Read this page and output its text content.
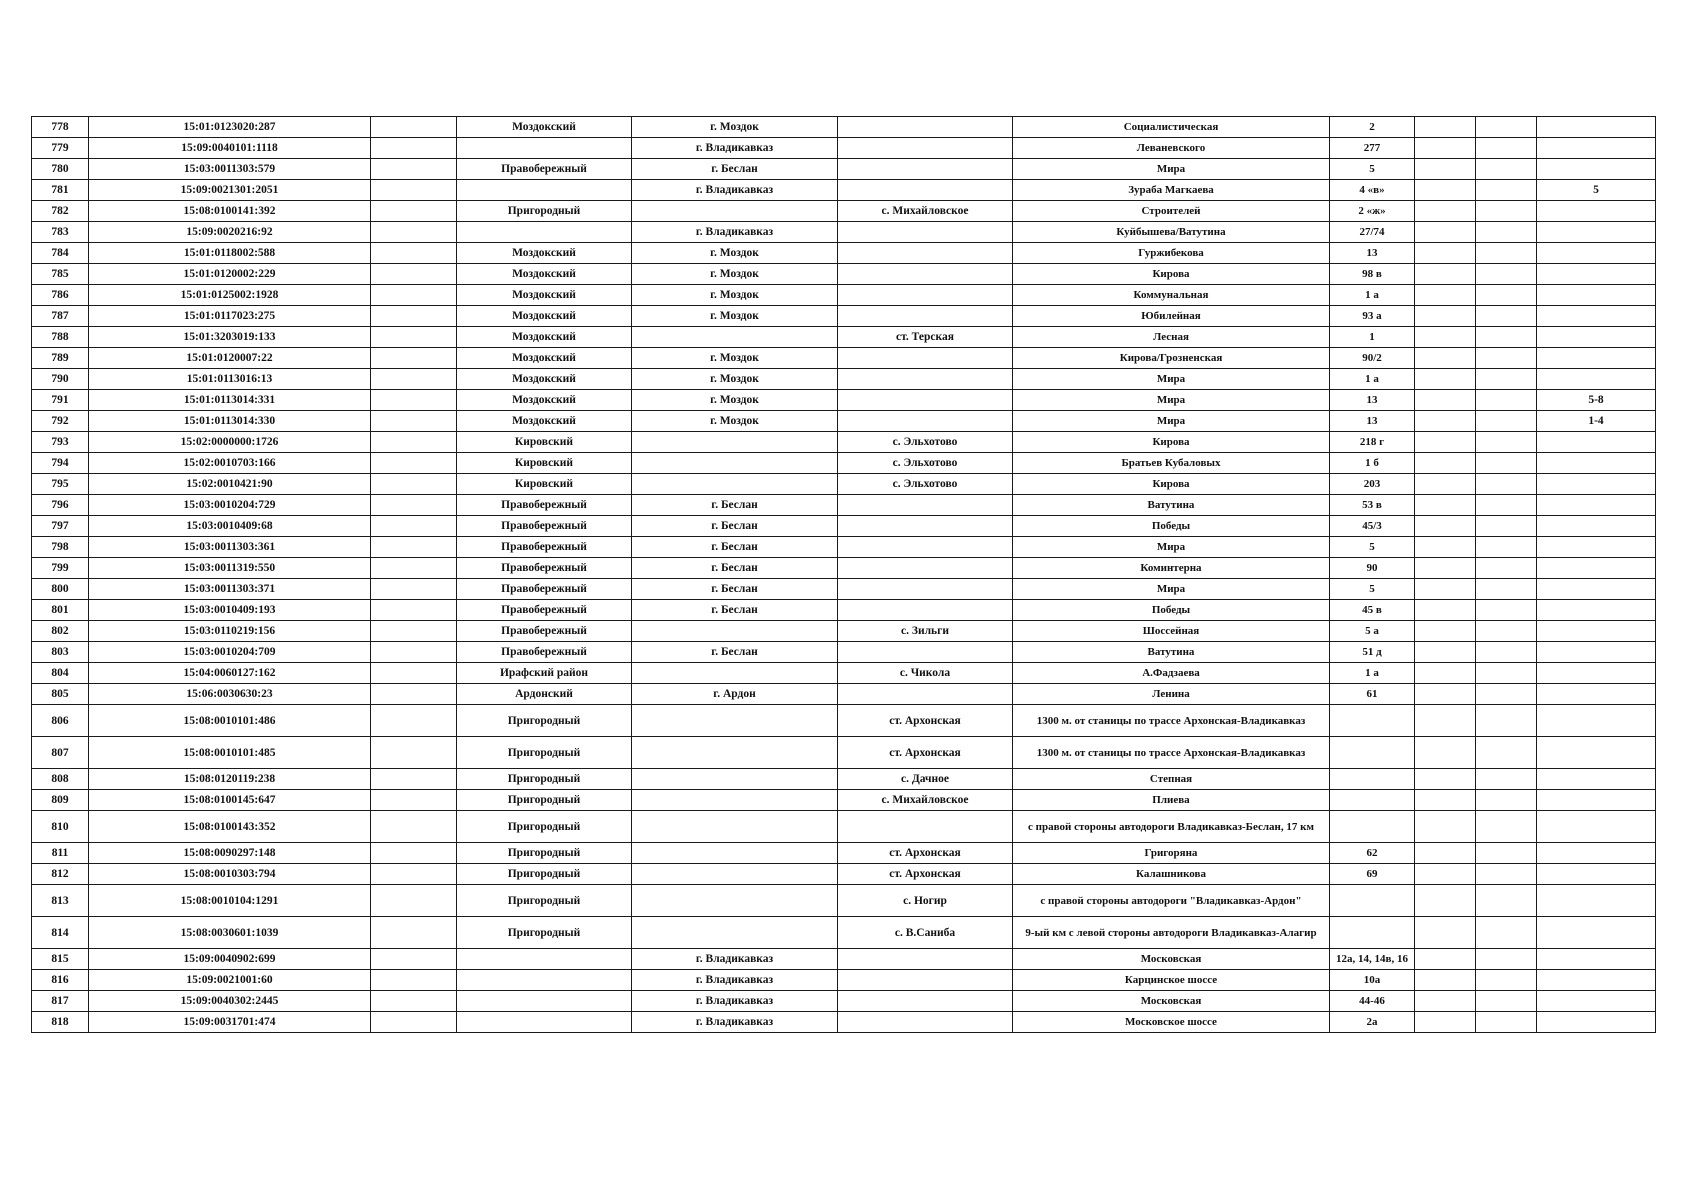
778	15:01:0123020:287		Моздокский	г. Моздок		Социалистическая	2			
779	15:09:0040101:1118			г. Владикавказ		Леваневского	277			
780	15:03:0011303:579		Правобережный	г. Беслан		Мира	5			
781	15:09:0021301:2051			г. Владикавказ		Зураба Магкаева	4 «в»			5
782	15:08:0100141:392		Пригородный		с. Михайловское	Строителей	2 «ж»			
783	15:09:0020216:92			г. Владикавказ		Куйбышева/Ватутина	27/74			
784	15:01:0118002:588		Моздокский	г. Моздок		Гуржибекова	13			
785	15:01:0120002:229		Моздокский	г. Моздок		Кирова	98 в			
786	15:01:0125002:1928		Моздокский	г. Моздок		Коммунальная	1 а			
787	15:01:0117023:275		Моздокский	г. Моздок		Юбилейная	93 а			
788	15:01:3203019:133		Моздокский		ст. Терская	Лесная	1			
789	15:01:0120007:22		Моздокский	г. Моздок		Кирова/Грозненская	90/2			
790	15:01:0113016:13		Моздокский	г. Моздок		Мира	1 а			
791	15:01:0113014:331		Моздокский	г. Моздок		Мира	13			5-8
792	15:01:0113014:330		Моздокский	г. Моздок		Мира	13			1-4
793	15:02:0000000:1726		Кировский		с. Эльхотово	Кирова	218 г			
794	15:02:0010703:166		Кировский		с. Эльхотово	Братьев Кубаловых	1 б			
795	15:02:0010421:90		Кировский		с. Эльхотово	Кирова	203			
796	15:03:0010204:729		Правобережный	г. Беслан		Ватутина	53 в			
797	15:03:0010409:68		Правобережный	г. Беслан		Победы	45/3			
798	15:03:0011303:361		Правобережный	г. Беслан		Мира	5			
799	15:03:0011319:550		Правобережный	г. Беслан		Коминтерна	90			
800	15:03:0011303:371		Правобережный	г. Беслан		Мира	5			
801	15:03:0010409:193		Правобережный	г. Беслан		Победы	45 в			
802	15:03:0110219:156		Правобережный		с. Зильги	Шоссейная	5 а			
803	15:03:0010204:709		Правобережный	г. Беслан		Ватутина	51 д			
804	15:04:0060127:162		Ирафский район		с. Чикола	А.Фадзаева	1 а			
805	15:06:0030630:23		Ардонский	г. Ардон		Ленина	61			
806	15:08:0010101:486		Пригородный		ст. Архонская	1300 м. от станицы по трассе Архонская-Владикавказ				
807	15:08:0010101:485		Пригородный		ст. Архонская	1300 м. от станицы по трассе Архонская-Владикавказ				
808	15:08:0120119:238		Пригородный		с. Дачное	Степная				
809	15:08:0100145:647		Пригородный		с. Михайловское	Плиева				
810	15:08:0100143:352		Пригородный			с правой стороны автодороги Владикавказ-Беслан, 17 км				
811	15:08:0090297:148		Пригородный		ст. Архонская	Григоряна	62			
812	15:08:0010303:794		Пригородный		ст. Архонская	Калашникова	69			
813	15:08:0010104:1291		Пригородный		с. Ногир	с правой стороны автодороги "Владикавказ-Ардон"				
814	15:08:0030601:1039		Пригородный		с. В.Саниба	9-ый км с левой стороны автодороги Владикавказ-Алагир				
815	15:09:0040902:699			г. Владикавказ		Московская	12а, 14, 14в, 16			
816	15:09:0021001:60			г. Владикавказ		Карцинское шоссе	10а			
817	15:09:0040302:2445			г. Владикавказ		Московская	44-46			
818	15:09:0031701:474			г. Владикавказ		Московское шоссе	2а			
